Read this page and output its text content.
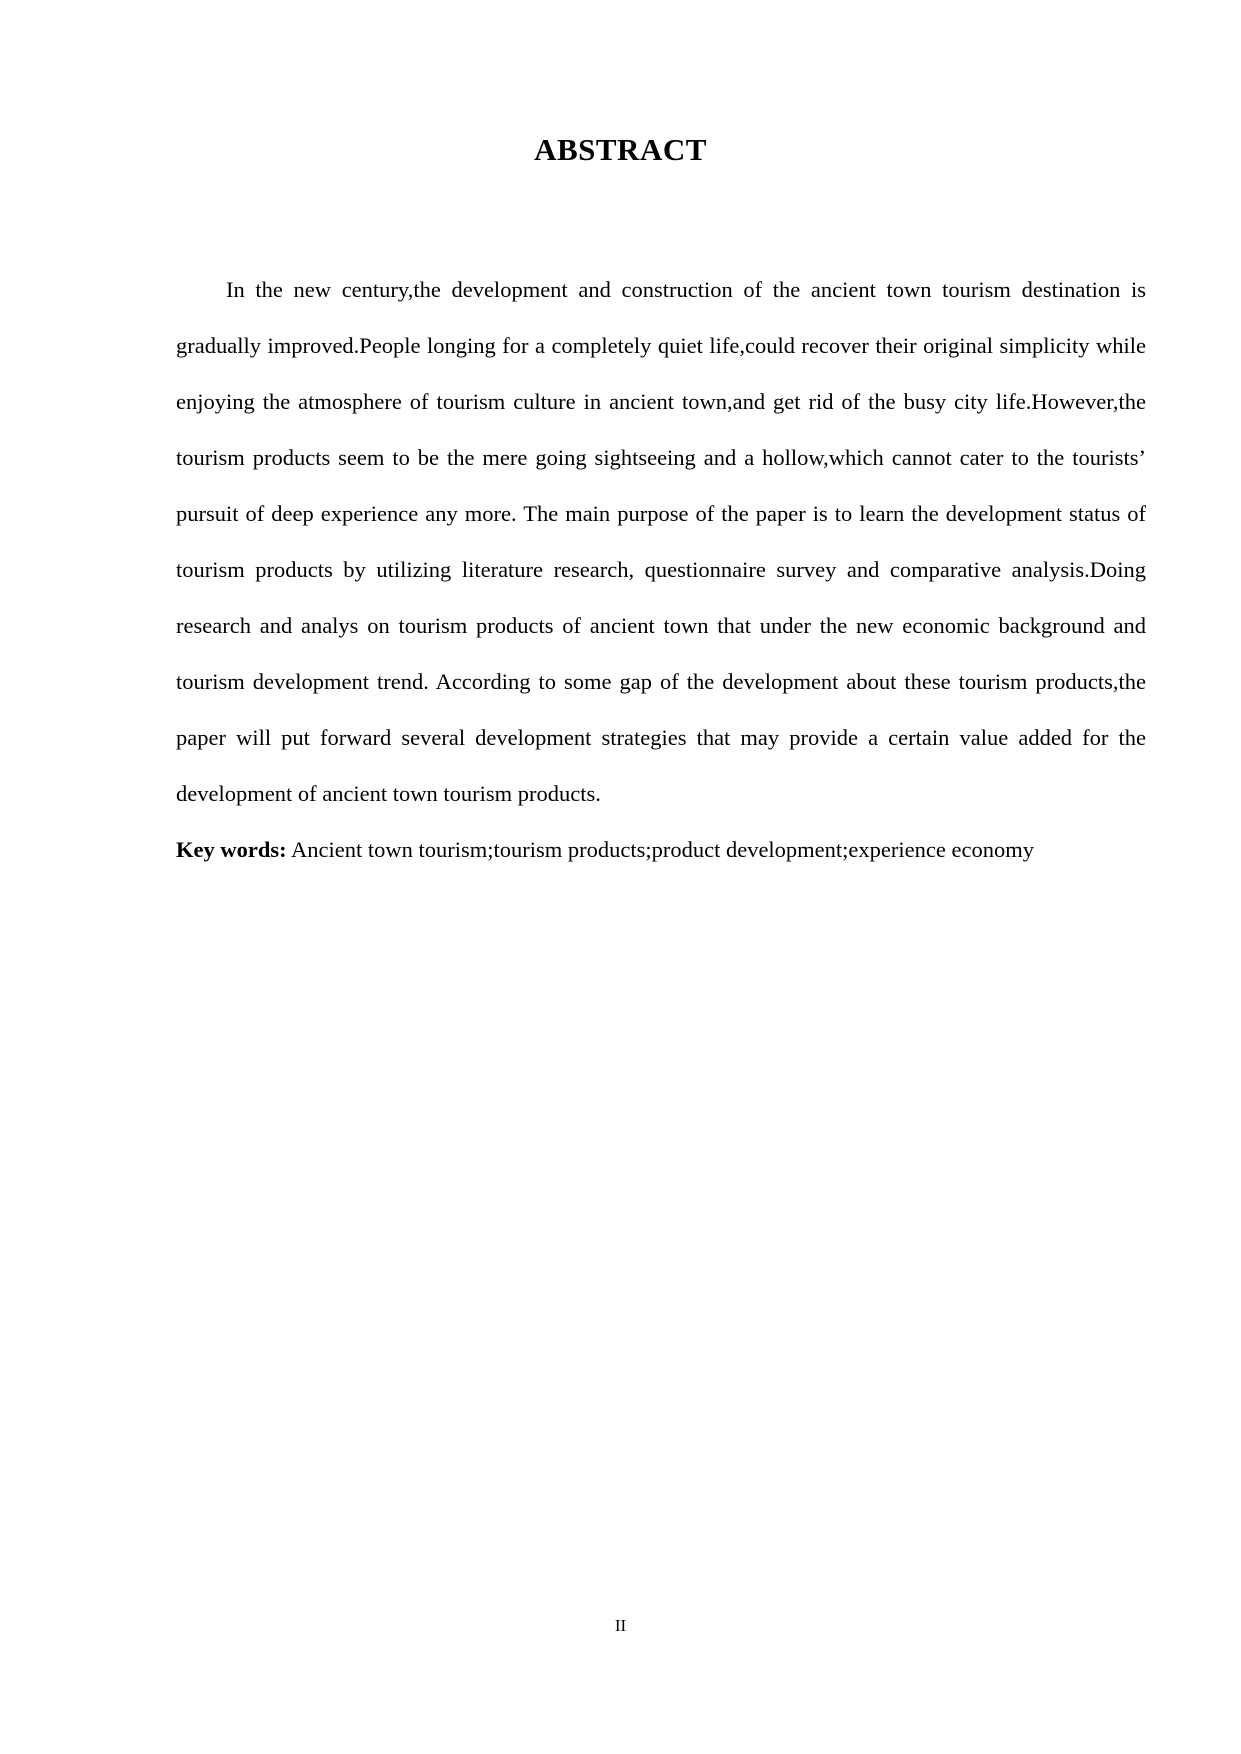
ABSTRACT

In the new century,the development and construction of the ancient town tourism destination is gradually improved.People longing for a completely quiet life,could recover their original simplicity while enjoying the atmosphere of tourism culture in ancient town,and get rid of the busy city life.However,the tourism products seem to be the mere going sightseeing and a hollow,which cannot cater to the tourists’ pursuit of deep experience any more. The main purpose of the paper is to learn the development status of tourism products by utilizing literature research, questionnaire survey and comparative analysis.Doing research and analys on tourism products of ancient town that under the new economic background and tourism development trend. According to some gap of the development about these tourism products,the paper will put forward several development strategies that may provide a certain value added for the development of ancient town tourism products.

Key words: Ancient town tourism;tourism products;product development;experience economy

II
